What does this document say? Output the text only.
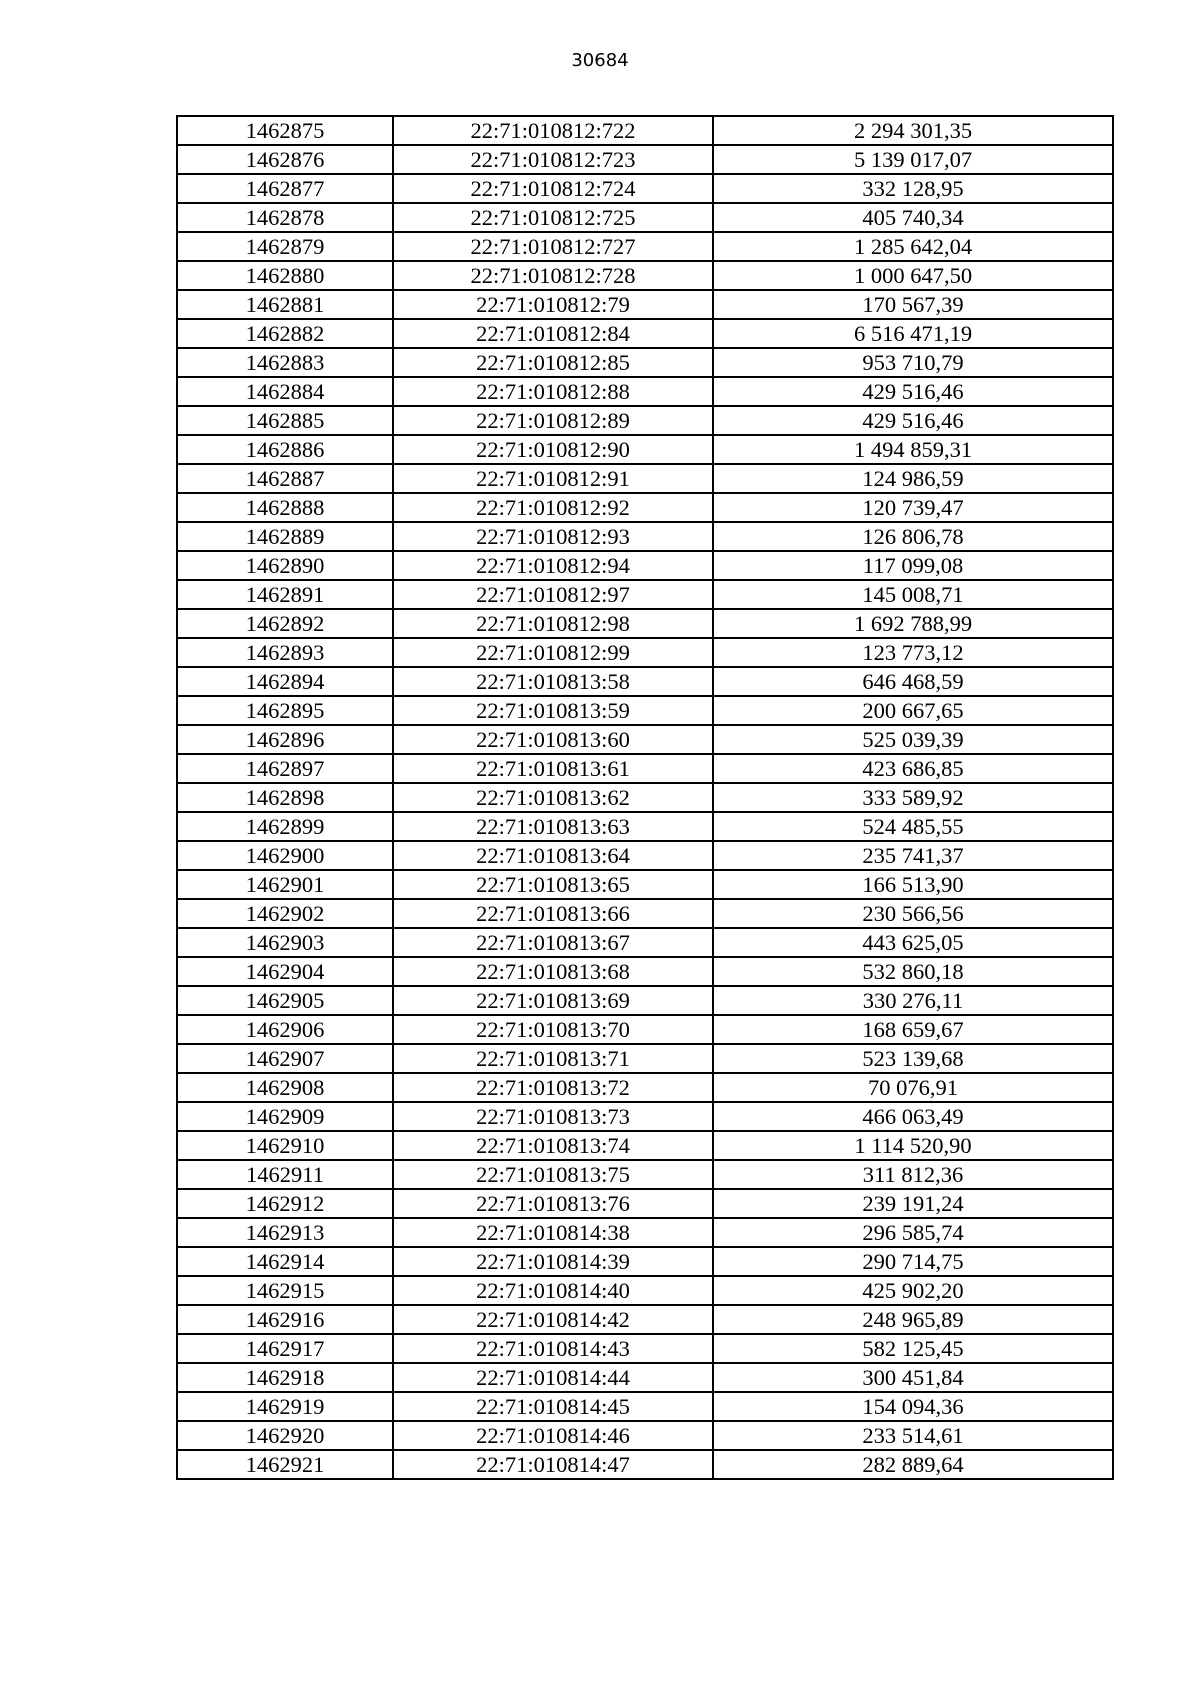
30684
1462875	22:71:010812:722	2 294 301,35
1462876	22:71:010812:723	5 139 017,07
1462877	22:71:010812:724	332 128,95
1462878	22:71:010812:725	405 740,34
1462879	22:71:010812:727	1 285 642,04
1462880	22:71:010812:728	1 000 647,50
1462881	22:71:010812:79	170 567,39
1462882	22:71:010812:84	6 516 471,19
1462883	22:71:010812:85	953 710,79
1462884	22:71:010812:88	429 516,46
1462885	22:71:010812:89	429 516,46
1462886	22:71:010812:90	1 494 859,31
1462887	22:71:010812:91	124 986,59
1462888	22:71:010812:92	120 739,47
1462889	22:71:010812:93	126 806,78
1462890	22:71:010812:94	117 099,08
1462891	22:71:010812:97	145 008,71
1462892	22:71:010812:98	1 692 788,99
1462893	22:71:010812:99	123 773,12
1462894	22:71:010813:58	646 468,59
1462895	22:71:010813:59	200 667,65
1462896	22:71:010813:60	525 039,39
1462897	22:71:010813:61	423 686,85
1462898	22:71:010813:62	333 589,92
1462899	22:71:010813:63	524 485,55
1462900	22:71:010813:64	235 741,37
1462901	22:71:010813:65	166 513,90
1462902	22:71:010813:66	230 566,56
1462903	22:71:010813:67	443 625,05
1462904	22:71:010813:68	532 860,18
1462905	22:71:010813:69	330 276,11
1462906	22:71:010813:70	168 659,67
1462907	22:71:010813:71	523 139,68
1462908	22:71:010813:72	70 076,91
1462909	22:71:010813:73	466 063,49
1462910	22:71:010813:74	1 114 520,90
1462911	22:71:010813:75	311 812,36
1462912	22:71:010813:76	239 191,24
1462913	22:71:010814:38	296 585,74
1462914	22:71:010814:39	290 714,75
1462915	22:71:010814:40	425 902,20
1462916	22:71:010814:42	248 965,89
1462917	22:71:010814:43	582 125,45
1462918	22:71:010814:44	300 451,84
1462919	22:71:010814:45	154 094,36
1462920	22:71:010814:46	233 514,61
1462921	22:71:010814:47	282 889,64
